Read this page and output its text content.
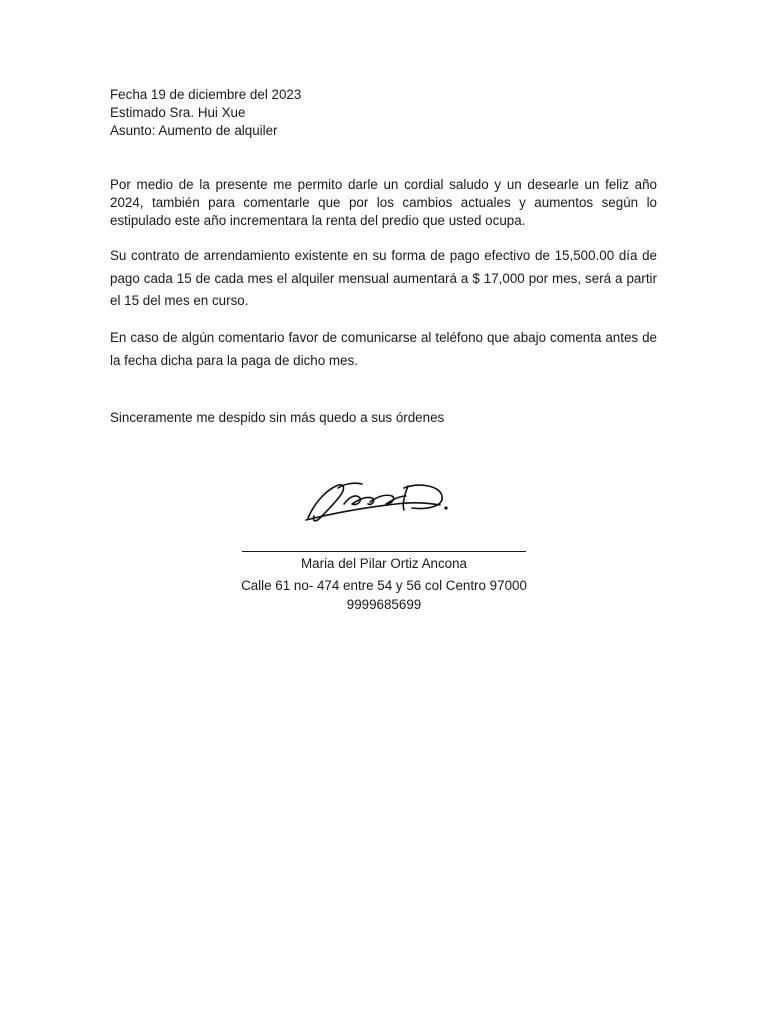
Fecha 19 de diciembre del 2023
Estimado Sra. Hui Xue
Asunto: Aumento de alquiler
Por medio de la presente me permito darle un cordial saludo y un desearle un feliz año 2024, también para comentarle que por los cambios actuales y aumentos según lo estipulado este año incrementara la renta del predio que usted ocupa.
Su contrato de arrendamiento existente en su forma de pago efectivo de 15,500.00 día de pago cada 15 de cada mes el alquiler mensual aumentará a $ 17,000 por mes, será a partir el 15 del mes en curso.
En caso de algún comentario favor de comunicarse al teléfono que abajo comenta antes de la fecha dicha para la paga de dicho mes.
Sinceramente me despido sin más quedo a sus órdenes
Maria del Pilar Ortiz Ancona
Calle 61 no- 474 entre 54 y 56 col Centro 97000
9999685699
